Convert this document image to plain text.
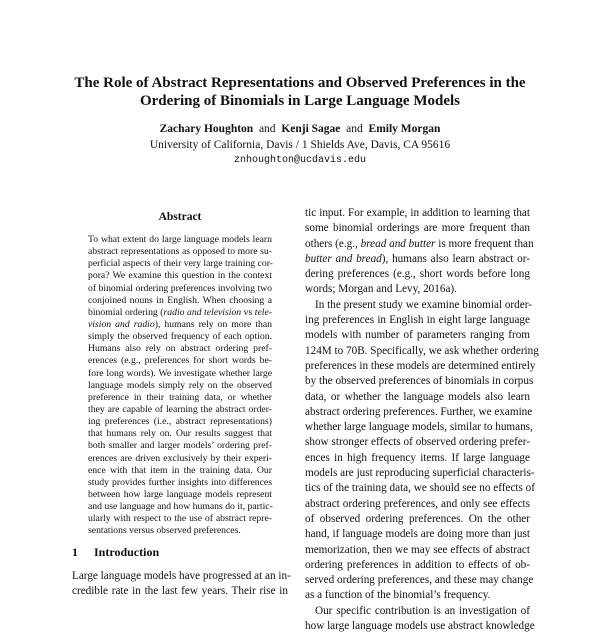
The Role of Abstract Representations and Observed Preferences in the
Ordering of Binomials in Large Language Models
Zachary Houghton and Kenji Sagae and Emily Morgan
University of California, Davis / 1 Shields Ave, Davis, CA 95616
znhoughton@ucdavis.edu
Abstract
To what extent do large language models learn
abstract representations as opposed to more su-
perficial aspects of their very large training cor-
pora? We examine this question in the context
of binomial ordering preferences involving two
conjoined nouns in English. When choosing a
binomial ordering (radio and television vs tele-
vision and radio), humans rely on more than
simply the observed frequency of each option.
Humans also rely on abstract ordering pref-
erences (e.g., preferences for short words be-
fore long words). We investigate whether large
language models simply rely on the observed
preference in their training data, or whether
they are capable of learning the abstract order-
ing preferences (i.e., abstract representations)
that humans rely on. Our results suggest that
both smaller and larger models’ ordering pref-
erences are driven exclusively by their experi-
ence with that item in the training data. Our
study provides further insights into differences
between how large language models represent
and use language and how humans do it, partic-
ularly with respect to the use of abstract repre-
sentations versus observed preferences.
1 Introduction
Large language models have progressed at an in-
credible rate in the last few years. Their rise in
tic input. For example, in addition to learning that
some binomial orderings are more frequent than
others (e.g., bread and butter is more frequent than
butter and bread), humans also learn abstract or-
dering preferences (e.g., short words before long
words; Morgan and Levy, 2016a).
In the present study we examine binomial order-
ing preferences in English in eight large language
models with number of parameters ranging from
124M to 70B. Specifically, we ask whether ordering
preferences in these models are determined entirely
by the observed preferences of binomials in corpus
data, or whether the language models also learn
abstract ordering preferences. Further, we examine
whether large language models, similar to humans,
show stronger effects of observed ordering prefer-
ences in high frequency items. If large language
models are just reproducing superficial characteris-
tics of the training data, we should see no effects of
abstract ordering preferences, and only see effects
of observed ordering preferences. On the other
hand, if language models are doing more than just
memorization, then we may see effects of abstract
ordering preferences in addition to effects of ob-
served ordering preferences, and these may change
as a function of the binomial’s frequency.
Our specific contribution is an investigation of
how large language models use abstract knowledge
